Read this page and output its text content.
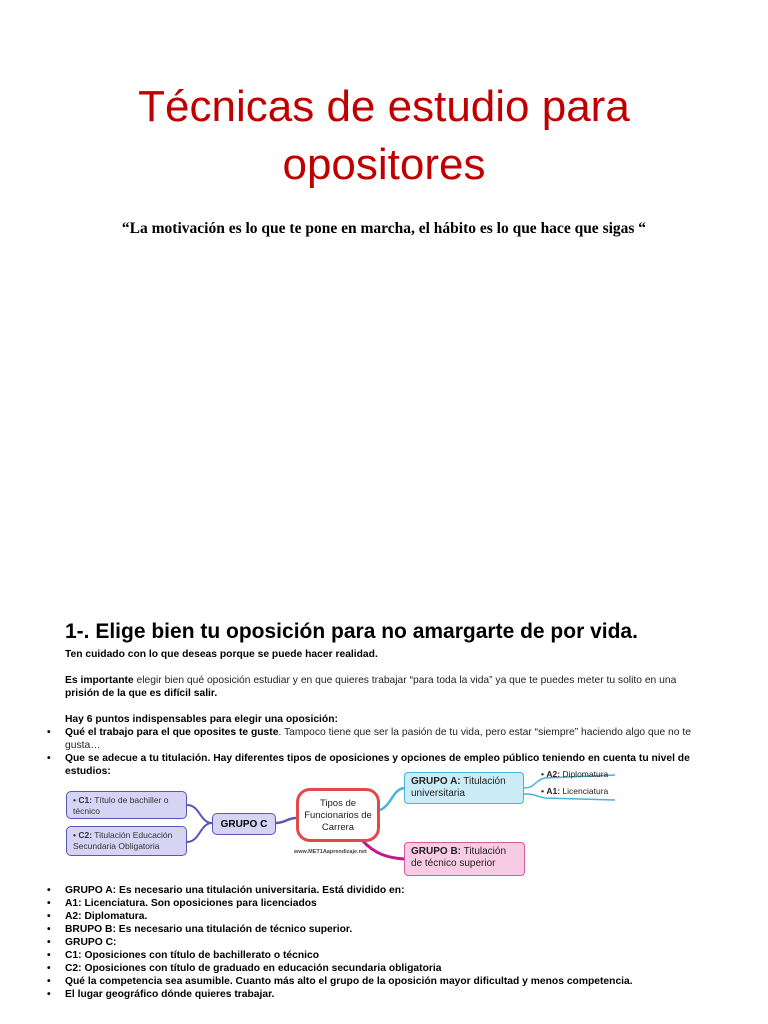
Técnicas de estudio para
opositores
“La motivación es lo que te pone en marcha, el hábito es lo que hace que sigas “
1-. Elige bien tu oposición para no amargarte de por vida.
Ten cuidado con lo que deseas porque se puede hacer realidad.
Es importante elegir bien qué oposición estudiar y en que quieres trabajar “para toda la vida” ya que te puedes meter tu solito en una prisión de la que es difícil salir.
Hay 6 puntos indispensables para elegir una oposición:
• Qué el trabajo para el que oposites te guste. Tampoco tiene que ser la pasión de tu vida, pero estar “siempre” haciendo algo que no te gusta…
• Que se adecue a tu titulación. Hay diferentes tipos de oposiciones y opciones de empleo público teniendo en cuenta tu nivel de estudios:
• C1: Título de bachiller o técnico
• C2: Titulación Educación Secundaria Obligatoria
GRUPO C
Tipos de Funcionarios de Carrera
GRUPO A: Titulación universitaria
• A2: Diplomatura
• A1: Licenciatura
GRUPO B: Titulación de técnico superior
www.MET1Aaprendizaje.net
• GRUPO A: Es necesario una titulación universitaria. Está dividido en:
• A1: Licenciatura. Son oposiciones para licenciados
• A2: Diplomatura.
• BRUPO B: Es necesario una titulación de técnico superior.
• GRUPO C:
• C1: Oposiciones con título de bachillerato o técnico
• C2: Oposiciones con título de graduado en educación secundaria obligatoria
• Qué la competencia sea asumible. Cuanto más alto el grupo de la oposición mayor dificultad y menos competencia.
• El lugar geográfico dónde quieres trabajar.
